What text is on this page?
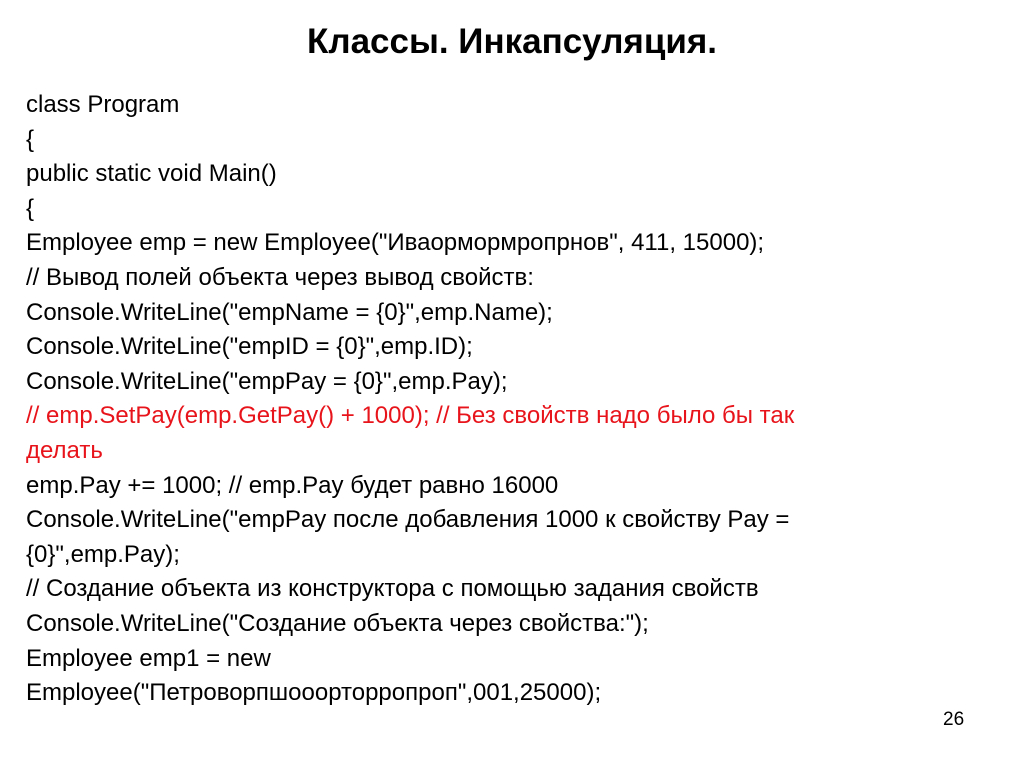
Классы. Инкапсуляция.
class Program
{
public static void Main()
{
Employee emp = new Employee("Иваормормропрнов", 411, 15000);
// Вывод полей объекта через вывод свойств:
Console.WriteLine("empName = {0}",emp.Name);
Console.WriteLine("empID = {0}",emp.ID);
Console.WriteLine("empPay = {0}",emp.Pay);
// emp.SetPay(emp.GetPay() + 1000); // Без свойств надо было бы так
делать
emp.Pay += 1000; // emp.Pay будет равно 16000
Console.WriteLine("empPay после добавления 1000 к свойству Pay =
{0}",emp.Pay);
// Создание объекта из конструктора с помощью задания свойств
Console.WriteLine("Создание объекта через свойства:");
Employee emp1 = new
Employee("Петроворпшооорторропроп",001,25000);
26
